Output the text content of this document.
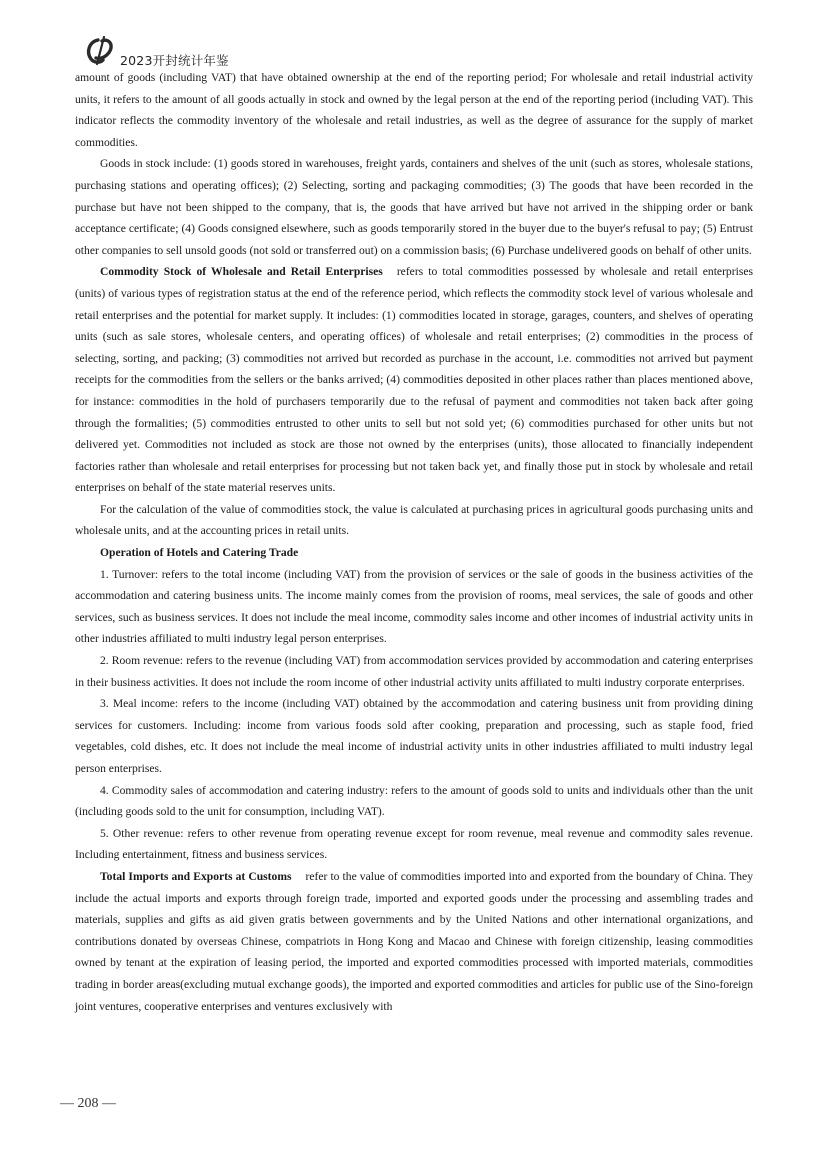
2023开封统计年鉴

amount of goods (including VAT) that have obtained ownership at the end of the reporting period; For wholesale and retail industrial activity units, it refers to the amount of all goods actually in stock and owned by the legal person at the end of the reporting period (including VAT). This indicator reflects the commodity inventory of the wholesale and retail industries, as well as the degree of assurance for the supply of market commodities.

Goods in stock include: (1) goods stored in warehouses, freight yards, containers and shelves of the unit (such as stores, wholesale stations, purchasing stations and operating offices); (2) Selecting, sorting and packaging commodities; (3) The goods that have been recorded in the purchase but have not been shipped to the company, that is, the goods that have arrived but have not arrived in the shipping order or bank acceptance certificate; (4) Goods consigned elsewhere, such as goods temporarily stored in the buyer due to the buyer's refusal to pay; (5) Entrust other companies to sell unsold goods (not sold or transferred out) on a commission basis; (6) Purchase undelivered goods on behalf of other units.

Commodity Stock of Wholesale and Retail Enterprises refers to total commodities possessed by wholesale and retail enterprises (units) of various types of registration status at the end of the reference period, which reflects the commodity stock level of various wholesale and retail enterprises and the potential for market supply. It includes: (1) commodities located in storage, garages, counters, and shelves of operating units (such as sale stores, wholesale centers, and operating offices) of wholesale and retail enterprises; (2) commodities in the process of selecting, sorting, and packing; (3) commodities not arrived but recorded as purchase in the account, i.e. commodities not arrived but payment receipts for the commodities from the sellers or the banks arrived; (4) commodities deposited in other places rather than places mentioned above, for instance: commodities in the hold of purchasers temporarily due to the refusal of payment and commodities not taken back after going through the formalities; (5) commodities entrusted to other units to sell but not sold yet; (6) commodities purchased for other units but not delivered yet. Commodities not included as stock are those not owned by the enterprises (units), those allocated to financially independent factories rather than wholesale and retail enterprises for processing but not taken back yet, and finally those put in stock by wholesale and retail enterprises on behalf of the state material reserves units.

For the calculation of the value of commodities stock, the value is calculated at purchasing prices in agricultural goods purchasing units and wholesale units, and at the accounting prices in retail units.

Operation of Hotels and Catering Trade

1. Turnover: refers to the total income (including VAT) from the provision of services or the sale of goods in the business activities of the accommodation and catering business units. The income mainly comes from the provision of rooms, meal services, the sale of goods and other services, such as business services. It does not include the meal income, commodity sales income and other incomes of industrial activity units in other industries affiliated to multi industry legal person enterprises.

2. Room revenue: refers to the revenue (including VAT) from accommodation services provided by accommodation and catering enterprises in their business activities. It does not include the room income of other industrial activity units affiliated to multi industry corporate enterprises.

3. Meal income: refers to the income (including VAT) obtained by the accommodation and catering business unit from providing dining services for customers. Including: income from various foods sold after cooking, preparation and processing, such as staple food, fried vegetables, cold dishes, etc. It does not include the meal income of industrial activity units in other industries affiliated to multi industry legal person enterprises.

4. Commodity sales of accommodation and catering industry: refers to the amount of goods sold to units and individuals other than the unit (including goods sold to the unit for consumption, including VAT).

5. Other revenue: refers to other revenue from operating revenue except for room revenue, meal revenue and commodity sales revenue. Including entertainment, fitness and business services.

Total Imports and Exports at Customs refer to the value of commodities imported into and exported from the boundary of China. They include the actual imports and exports through foreign trade, imported and exported goods under the processing and assembling trades and materials, supplies and gifts as aid given gratis between governments and by the United Nations and other international organizations, and contributions donated by overseas Chinese, compatriots in Hong Kong and Macao and Chinese with foreign citizenship, leasing commodities owned by tenant at the expiration of leasing period, the imported and exported commodities processed with imported materials, commodities trading in border areas(excluding mutual exchange goods), the imported and exported commodities and articles for public use of the Sino-foreign joint ventures, cooperative enterprises and ventures exclusively with

— 208 —
